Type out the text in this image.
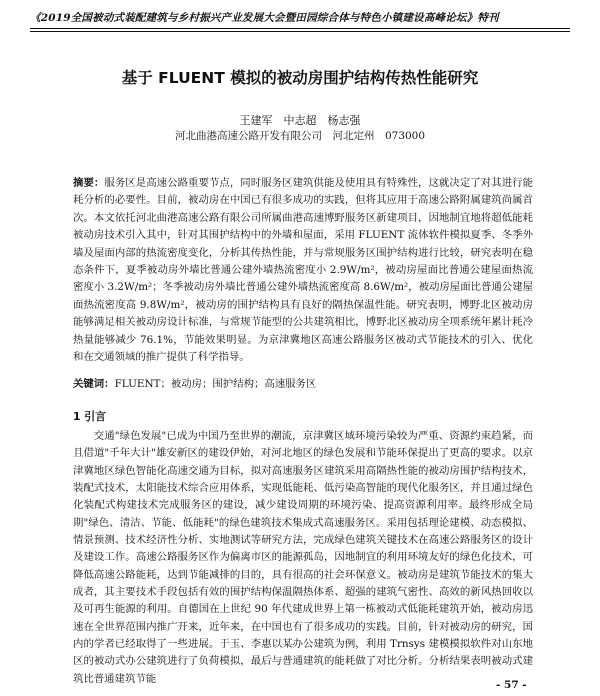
《2019全国被动式装配建筑与乡村振兴产业发展大会暨田园综合体与特色小镇建设高峰论坛》特刊
基于 FLUENT 模拟的被动房围护结构传热性能研究
王建军　中志超　杨志强
河北曲港高速公路开发有限公司　河北定州　073000
摘要：服务区是高速公路重要节点，同时服务区建筑供能及使用具有特殊性，这就决定了对其进行能耗分析的必要性。目前，被动房在中国已有很多成功的实践，但将其应用于高速公路附属建筑尚属首次。本文依托河北曲港高速公路有限公司所属曲港高速博野服务区新建项目，因地制宜地将超低能耗被动房技术引入其中，针对其围护结构中的外墙和屋面，采用 FLUENT 流体软件模拟夏季、冬季外墙及屋面内部的热流密度变化，分析其传热性能，并与常规服务区围护结构进行比较，研究表明在稳态条件下，夏季被动房外墙比普通公建外墙热流密度小 2.9W/m²，被动房屋面比普通公建屋面热流密度小 3.2W/m²；冬季被动房外墙比普通公建外墙热流密度高 8.6W/m²，被动房屋面比普通公建屋面热流密度高 9.8W/m²，被动房的围护结构具有良好的隔热保温性能。研究表明，博野北区被动房能够满足相关被动房设计标准，与常规节能型的公共建筑相比，博野北区被动房全项系统年累计耗冷热量能够减少 76.1%，节能效果明显。为京津冀地区高速公路服务区被动式节能技术的引入、优化和在交通领域的推广提供了科学指导。
关键词：FLUENT；被动房；围护结构；高速服务区
1 引言
交通"绿色发展"已成为中国乃至世界的潮流，京津冀区域环境污染较为严重、资源约束趋紧，而且借道"千年大计"雄安新区的建设伊始，对河北地区的绿色发展和节能环保提出了更高的要求。以京津冀地区绿色智能化高速交通为目标，拟对高速服务区建筑采用高隔热性能的被动房围护结构技术，装配式技术，太阳能技术综合应用体系，实现低能耗、低污染高智能的现代化服务区，并且通过绿色化装配式构建技术完成服务区的建设，减少建设周期的环境污染、提高资源利用率。最终形成全局期"绿色、清洁、节能、低能耗"的绿色建筑技术集成式高速服务区。采用包括理论建模、动态模拟、情景预测、技术经济性分析、实地测试等研究方法，完成绿色建筑关键技术在高速公路服务区的设计及建设工作。高速公路服务区作为偏离市区的能源孤岛，因地制宜的利用环境友好的绿色化技术，可降低高速公路能耗，达到节能减排的目的，具有很高的社会环保意义。被动房是建筑节能技术的集大成者，其主要技术手段包括有效的围护结构保温隔热体系、超强的建筑气密性、高效的新风热回收以及可再生能源的利用。自德国在上世纪 90 年代建成世界上第一栋被动式低能耗建筑开始，被动房迅速在全世界范围内推广开来，近年来，在中国也有了很多成功的实践。目前，针对被动房的研究，国内的学者已经取得了一些进展。于玉、李惠以某办公建筑为例，利用 Trnsys 建模模拟软件对山东地区的被动式办公建筑进行了负荷模拟，最后与普通建筑的能耗做了对比分析。分析结果表明被动式建筑比普通建筑节能
- 57 -
